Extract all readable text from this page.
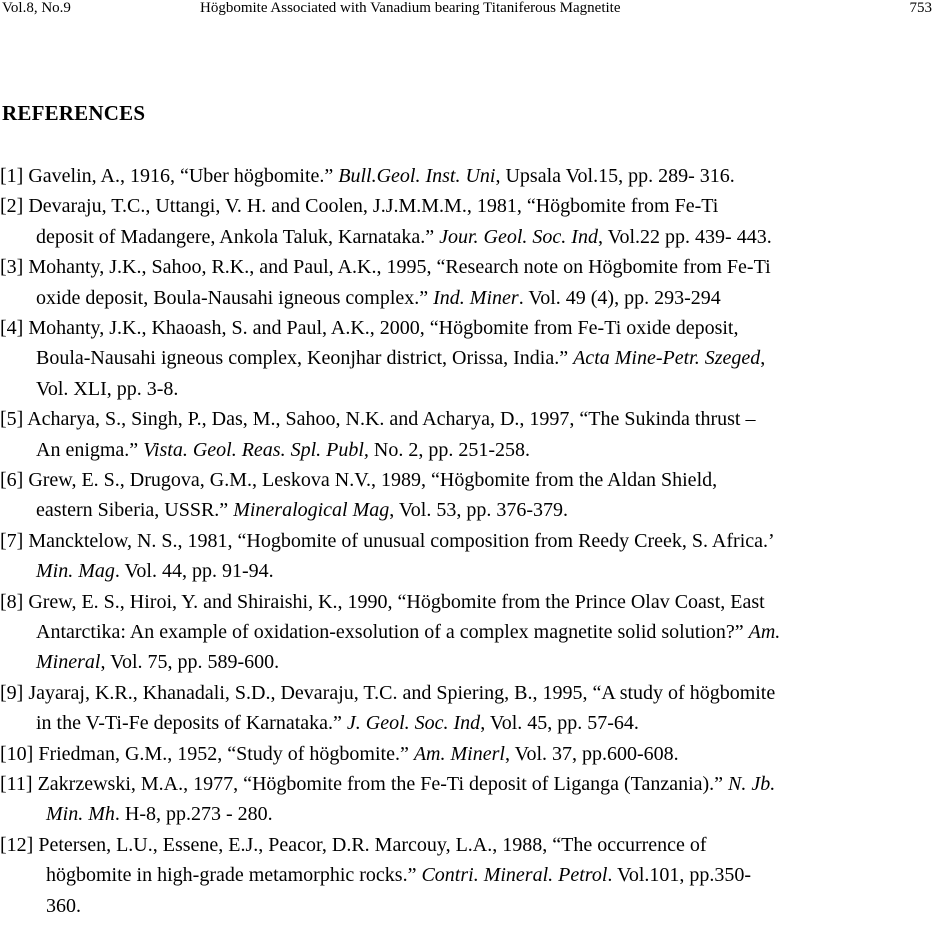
Vol.8, No.9	Högbomite Associated with Vanadium bearing Titaniferous Magnetite	753
REFERENCES
[1] Gavelin, A., 1916, “Uber högbomite.” Bull.Geol. Inst. Uni, Upsala Vol.15, pp. 289- 316.
[2] Devaraju, T.C., Uttangi, V. H. and Coolen, J.J.M.M.M., 1981, “Högbomite from Fe-Ti
deposit of Madangere, Ankola Taluk, Karnataka.” Jour. Geol. Soc. Ind, Vol.22 pp. 439- 443.
[3] Mohanty, J.K., Sahoo, R.K., and Paul, A.K., 1995, “Research note on Högbomite from Fe-Ti
oxide deposit, Boula-Nausahi igneous complex.” Ind. Miner. Vol. 49 (4), pp. 293-294
[4] Mohanty, J.K., Khaoash, S. and Paul, A.K., 2000, “Högbomite from Fe-Ti oxide deposit,
Boula-Nausahi igneous complex, Keonjhar district, Orissa, India.” Acta Mine-Petr. Szeged,
Vol. XLI, pp. 3-8.
[5] Acharya, S., Singh, P., Das, M., Sahoo, N.K. and Acharya, D., 1997, “The Sukinda thrust –
An enigma.” Vista. Geol. Reas. Spl. Publ, No. 2, pp. 251-258.
[6] Grew, E. S., Drugova, G.M., Leskova N.V., 1989, “Högbomite from the Aldan Shield,
eastern Siberia, USSR.” Mineralogical Mag, Vol. 53, pp. 376-379.
[7] Mancktelow, N. S., 1981, “Hogbomite of unusual composition from Reedy Creek, S. Africa.’
Min. Mag. Vol. 44, pp. 91-94.
[8] Grew, E. S., Hiroi, Y. and Shiraishi, K., 1990, “Högbomite from the Prince Olav Coast, East
Antarctika: An example of oxidation-exsolution of a complex magnetite solid solution?” Am.
Mineral, Vol. 75, pp. 589-600.
[9] Jayaraj, K.R., Khanadali, S.D., Devaraju, T.C. and Spiering, B., 1995, “A study of högbomite
in the V-Ti-Fe deposits of Karnataka.” J. Geol. Soc. Ind, Vol. 45, pp. 57-64.
[10] Friedman, G.M., 1952, “Study of högbomite.” Am. Minerl, Vol. 37, pp.600-608.
[11] Zakrzewski, M.A., 1977, “Högbomite from the Fe-Ti deposit of Liganga (Tanzania).” N. Jb.
Min. Mh. H-8, pp.273 - 280.
[12] Petersen, L.U., Essene, E.J., Peacor, D.R. Marcouy, L.A., 1988, “The occurrence of
högbomite in high-grade metamorphic rocks.” Contri. Mineral. Petrol. Vol.101, pp.350-
360.
